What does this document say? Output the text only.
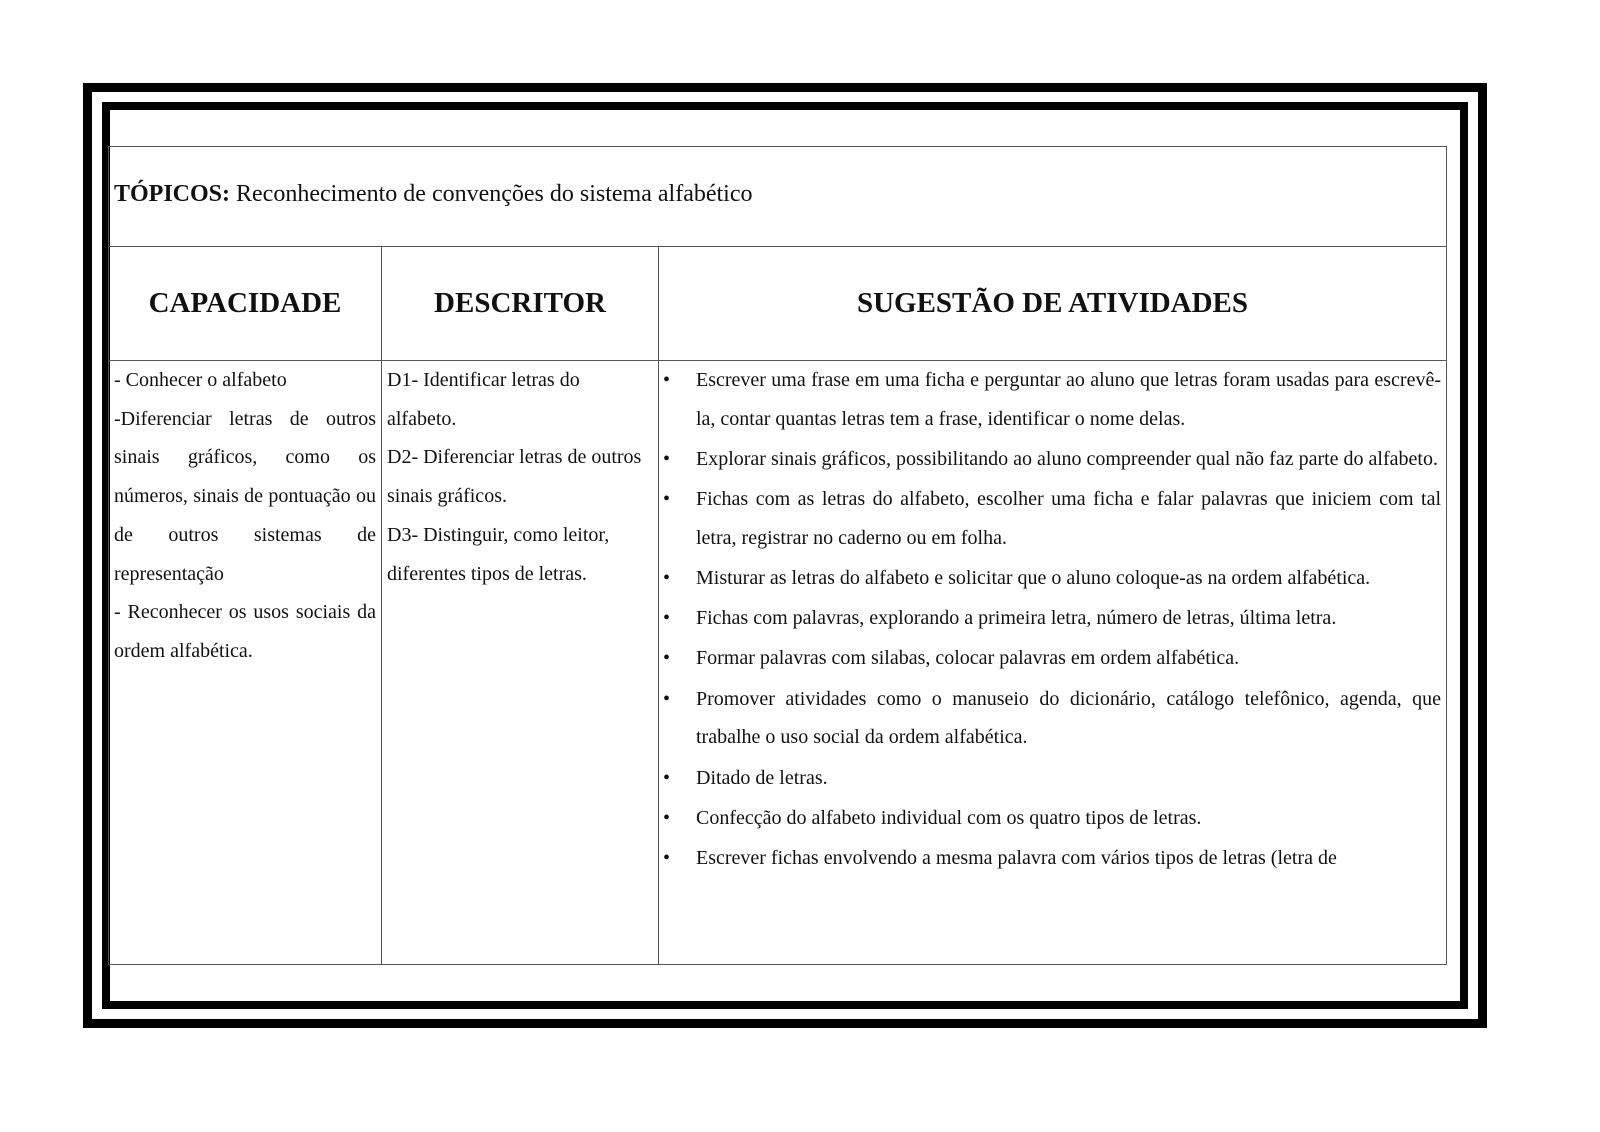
TÓPICOS: Reconhecimento de convenções do sistema alfabético
CAPACIDADE	DESCRITOR	SUGESTÃO DE ATIVIDADES
- Conhecer o alfabeto
-Diferenciar letras de outros sinais gráficos, como os números, sinais de pontuação ou de outros sistemas de representação
- Reconhecer os usos sociais da ordem alfabética.
D1- Identificar letras do alfabeto.
D2- Diferenciar letras de outros sinais gráficos.
D3- Distinguir, como leitor, diferentes tipos de letras.
• Escrever uma frase em uma ficha e perguntar ao aluno que letras foram usadas para escrevê-la, contar quantas letras tem a frase, identificar o nome delas.
• Explorar sinais gráficos, possibilitando ao aluno compreender qual não faz parte do alfabeto.
• Fichas com as letras do alfabeto, escolher uma ficha e falar palavras que iniciem com tal letra, registrar no caderno ou em folha.
• Misturar as letras do alfabeto e solicitar que o aluno coloque-as na ordem alfabética.
• Fichas com palavras, explorando a primeira letra, número de letras, última letra.
• Formar palavras com silabas, colocar palavras em ordem alfabética.
• Promover atividades como o manuseio do dicionário, catálogo telefônico, agenda, que trabalhe o uso social da ordem alfabética.
• Ditado de letras.
• Confecção do alfabeto individual com os quatro tipos de letras.
• Escrever fichas envolvendo a mesma palavra com vários tipos de letras (letra de
